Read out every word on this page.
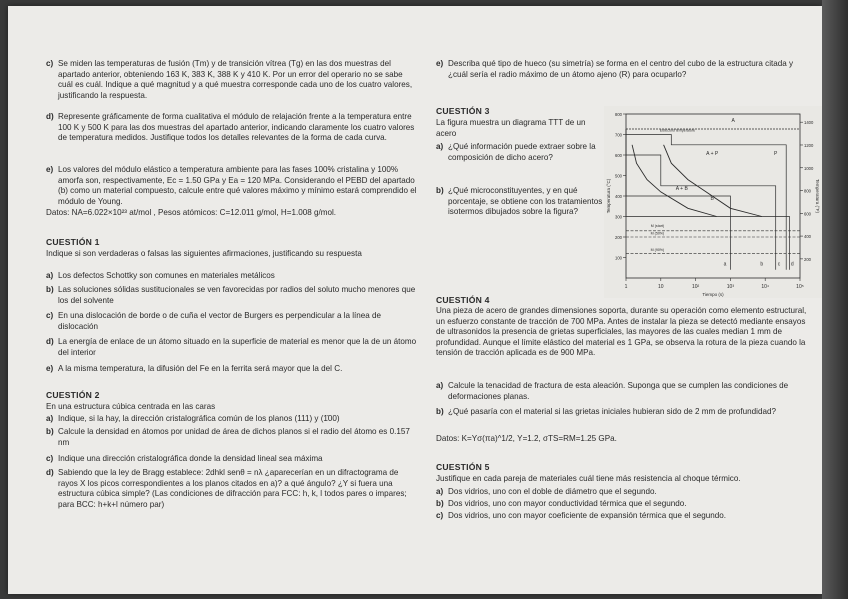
c) Se miden las temperaturas de fusión (Tm) y de transición vítrea (Tg) en las dos muestras del apartado anterior, obteniendo 163 K, 383 K, 388 K y 410 K. Por un error del operario no se sabe cuál es cuál. Indique a qué magnitud y a qué muestra corresponde cada uno de los cuatro valores, justificando la respuesta.
d) Represente gráficamente de forma cualitativa el módulo de relajación frente a la temperatura entre 100 K y 500 K para las dos muestras del apartado anterior, indicando claramente los cuatro valores de temperatura medidos. Justifique todos los detalles relevantes de la forma de cada curva.
e) Los valores del módulo elástico a temperatura ambiente para las fases 100% cristalina y 100% amorfa son, respectivamente, Ec = 1.50 GPa y Ea = 120 MPa. Considerando el PEBD del apartado (b) como un material compuesto, calcule entre qué valores máximo y mínimo estará comprendido el módulo de Young.
Datos: NA=6.022×10²³ at/mol , Pesos atómicos: C=12.011 g/mol, H=1.008 g/mol.
CUESTIÓN 1
Indique si son verdaderas o falsas las siguientes afirmaciones, justificando su respuesta
a) Los defectos Schottky son comunes en materiales metálicos
b) Las soluciones sólidas sustitucionales se ven favorecidas por radios del soluto mucho menores que los del solvente
c) En una dislocación de borde o de cuña el vector de Burgers es perpendicular a la línea de dislocación
d) La energía de enlace de un átomo situado en la superficie de material es menor que la de un átomo del interior
e) A la misma temperatura, la difusión del Fe en la ferrita será mayor que la del C.
CUESTIÓN 2
En una estructura cúbica centrada en las caras
a) Indique, si la hay, la dirección cristalográfica común de los planos (111) y (1̄00)
b) Calcule la densidad en átomos por unidad de área de dichos planos si el radio del átomo es 0.157 nm
c) Indique una dirección cristalográfica donde la densidad lineal sea máxima
d) Sabiendo que la ley de Bragg establece: 2dhkl senθ = nλ ¿aparecerían en un difractograma de rayos X los picos correspondientes a los planos citados en a)? a qué ángulo? ¿Y si fuera una estructura cúbica simple? (Las condiciones de difracción para FCC: h, k, l todos pares o impares; para BCC: h+k+l número par)
e) Describa qué tipo de hueco (su simetría) se forma en el centro del cubo de la estructura citada y ¿cuál sería el radio máximo de un átomo ajeno (R) para ocuparlo?
CUESTIÓN 3
La figura muestra un diagrama TTT de un acero
a) ¿Qué información puede extraer sobre la composición de dicho acero?
b) ¿Qué microconstituyentes, y en qué porcentaje, se obtiene con los tratamientos isotermos dibujados sobre la figura?
CUESTIÓN 4
Una pieza de acero de grandes dimensiones soporta, durante su operación como elemento estructural, un esfuerzo constante de tracción de 700 MPa. Antes de instalar la pieza se detectó mediante ensayos de ultrasonidos la presencia de grietas superficiales, las mayores de las cuales median 1 mm de profundidad. Aunque el límite elástico del material es 1 GPa, se observa la rotura de la pieza cuando la tensión de tracción aplicada es de 900 MPa.
a) Calcule la tenacidad de fractura de esta aleación. Suponga que se cumplen las condiciones de deformaciones planas.
b) ¿Qué pasaría con el material si las grietas iniciales hubieran sido de 2 mm de profundidad?
Datos: K=Yσ(πa)^1/2, Y=1.2, σTS=RM=1.25 GPa.
CUESTIÓN 5
Justifique en cada pareja de materiales cuál tiene más resistencia al choque térmico.
a) Dos vidrios, uno con el doble de diámetro que el segundo.
b) Dos vidrios, uno con mayor conductividad térmica que el segundo.
c) Dos vidrios, uno con mayor coeficiente de expansión térmica que el segundo.
1	10	10²	10³	10⁴	10⁵
100
200
300
400
500
600
700
800
200
400
600
800
1000
1200
1400
Tiempo (s)
Temperatura (°C)	Temperatura (°F)
A
Eutectoid temperature
A + P	P
A + B
B
M (start)
M (50%)
M (90%)
a	b	c d
